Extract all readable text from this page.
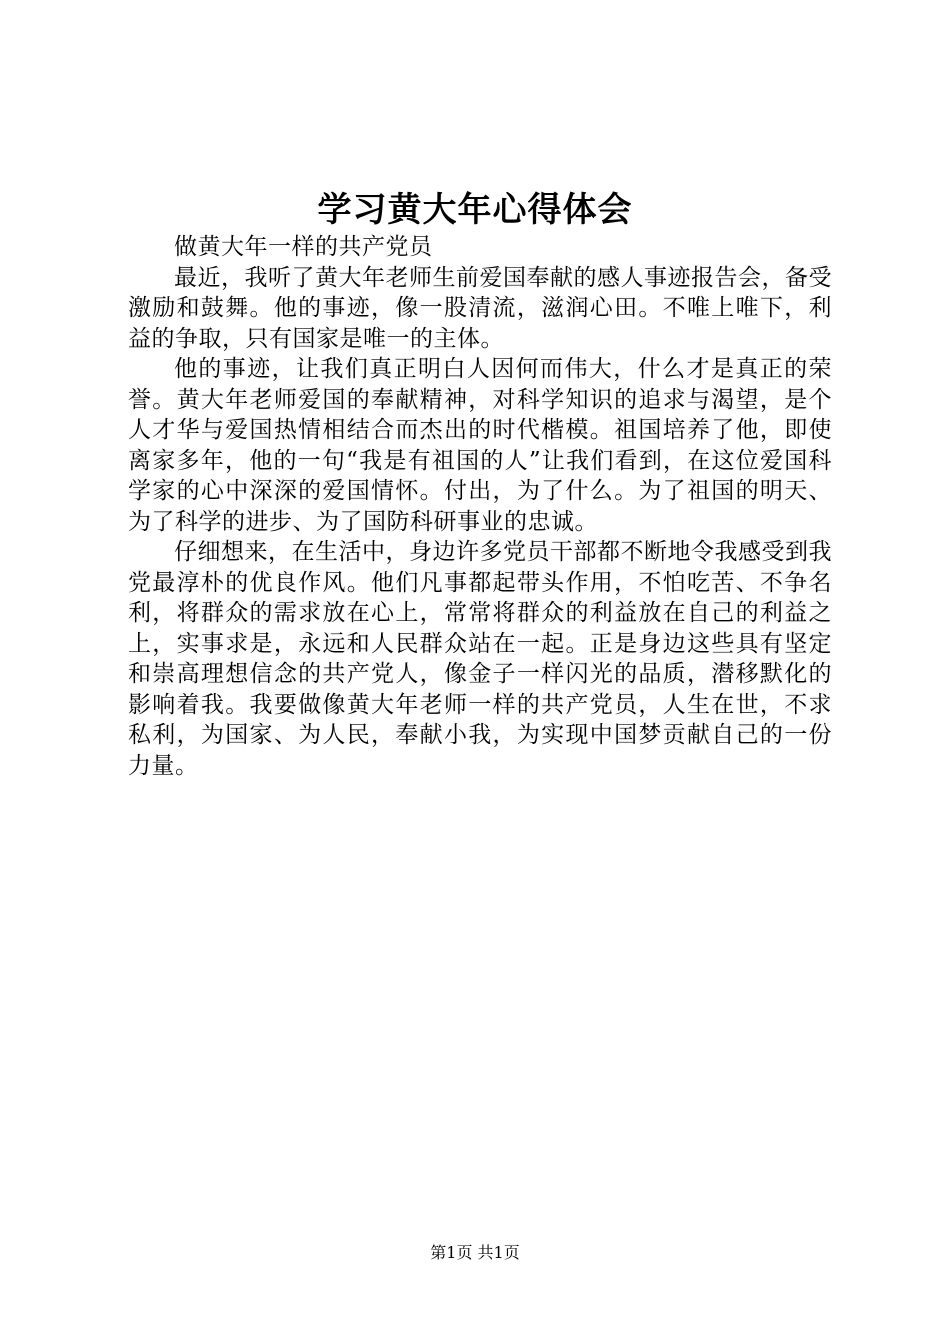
学习黄大年心得体会

做黄大年一样的共产党员

最近，我听了黄大年老师生前爱国奉献的感人事迹报告会，备受激励和鼓舞。他的事迹，像一股清流，滋润心田。不唯上唯下，利益的争取，只有国家是唯一的主体。

他的事迹，让我们真正明白人因何而伟大，什么才是真正的荣誉。黄大年老师爱国的奉献精神，对科学知识的追求与渴望，是个人才华与爱国热情相结合而杰出的时代楷模。祖国培养了他，即使离家多年，他的一句“我是有祖国的人”让我们看到，在这位爱国科学家的心中深深的爱国情怀。付出，为了什么。为了祖国的明天、为了科学的进步、为了国防科研事业的忠诚。

仔细想来，在生活中，身边许多党员干部都不断地令我感受到我党最淳朴的优良作风。他们凡事都起带头作用，不怕吃苦、不争名利，将群众的需求放在心上，常常将群众的利益放在自己的利益之上，实事求是，永远和人民群众站在一起。正是身边这些具有坚定和崇高理想信念的共产党人，像金子一样闪光的品质，潜移默化的影响着我。我要做像黄大年老师一样的共产党员，人生在世，不求私利，为国家、为人民，奉献小我，为实现中国梦贡献自己的一份力量。

第1页 共1页
